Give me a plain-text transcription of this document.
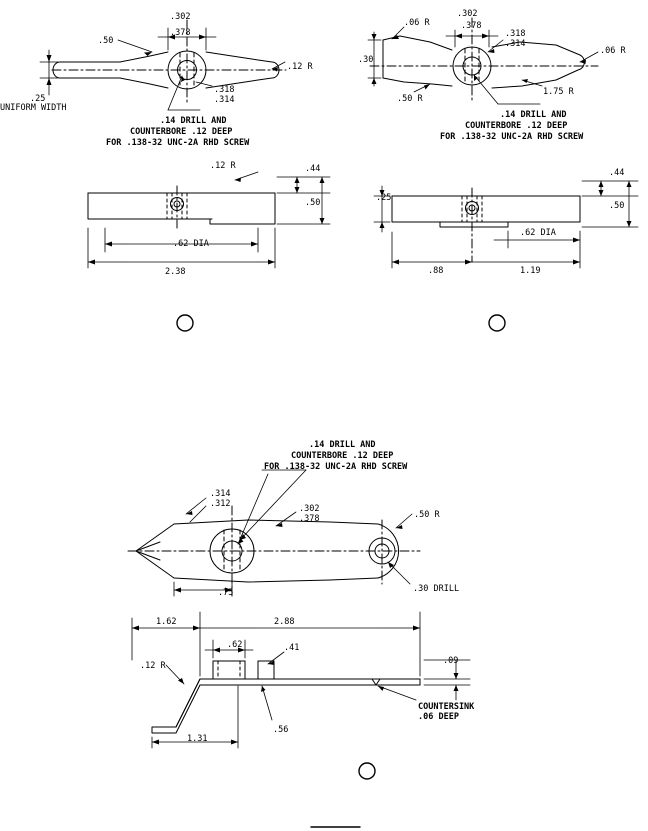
.302
.378
.50
.12 R
.318
.314
.25
UNIFORM WIDTH
.14 DRILL AND
COUNTERBORE .12 DEEP
FOR .138-32 UNC-2A RHD SCREW
.12 R	.44
.50
.62 DIA
2.38
.302
.378
.06 R
.318
.314
.06 R
.30
1.75 R
.50 R
.14 DRILL AND
COUNTERBORE .12 DEEP
FOR .138-32 UNC-2A RHD SCREW
.44
.50
.25
.62 DIA
.88	1.19
.14 DRILL AND
COUNTERBORE .12 DEEP
FOR .138-32 UNC-2A RHD SCREW
.314
.312	.302
.378	.50 R
.75	.30 DRILL
1.62	2.88
.62	.41
.09
.12 R
COUNTERSINK
.06 DEEP
.56
1.31
